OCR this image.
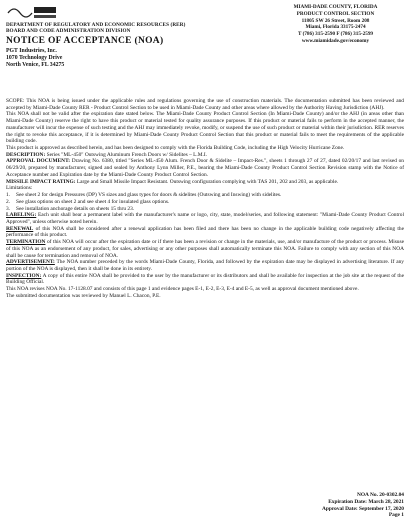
DEPARTMENT OF REGULATORY AND ECONOMIC RESOURCES (RER)
BOARD AND CODE ADMINISTRATION DIVISION
MIAMI-DADE COUNTY, FLORIDA
PRODUCT CONTROL SECTION
11805 SW 26 Street, Room 208
Miami, Florida 33175-2474
T (786) 315-2590 F (786) 315-2599
www.miamidade.gov/economy
NOTICE OF ACCEPTANCE (NOA)
PGT Industries, Inc.
1070 Technology Drive
North Venice, FL 34275

SCOPE: This NOA is being issued under the applicable rules and regulations governing the use of construction materials. The documentation submitted has been reviewed and accepted by Miami-Dade County RER - Product Control Section to be used in Miami-Dade County and other areas where allowed by the Authority Having Jurisdiction (AHJ).

This NOA shall not be valid after the expiration date stated below. The Miami-Dade County Product Control Section (In Miami-Dade County) and/or the AHJ (in areas other than Miami-Dade County) reserve the right to have this product or material tested for quality assurance purposes. If this product or material fails to perform in the accepted manner, the manufacturer will incur the expense of such testing and the AHJ may immediately revoke, modify, or suspend the use of such product or material within their jurisdiction. RER reserves the right to revoke this acceptance, if it is determined by Miami-Dade County Product Control Section that this product or material fails to meet the requirements of the applicable building code.

This product is approved as described herein, and has been designed to comply with the Florida Building Code, including the High Velocity Hurricane Zone.

DESCRIPTION: Series "ML-450" Outswing Aluminum French Doors w/ Sidelites – L.M.I.

APPROVAL DOCUMENT: Drawing No. 6380, titled "Series ML-450 Alum. French Door & Sidelite – Impact-Res.", sheets 1 through 27 of 27, dated 02/20/17 and last revised on 06/29/20, prepared by manufacturer, signed and sealed by Anthony Lynn Miller, P.E., bearing the Miami-Dade County Product Control Section Revision stamp with the Notice of Acceptance number and Expiration date by the Miami-Dade County Product Control Section.

MISSILE IMPACT RATING: Large and Small Missile Impact Resistant. Outswing configuration complying with TAS 201, 202 and 203, as applicable.

Limitations:

1.	See sheet 2 for design Pressures (DP) VS sizes and glass types for doors & sidelites (Outswing and Inswing) with sidelites.
2.	See glass options on sheet 2 and see sheet 4 for insulated glass options.
3.	See installation anchorage details on sheets 15 thru 23.

LABELING: Each unit shall bear a permanent label with the manufacturer's name or logo, city, state, model/series, and following statement: "Miami-Dade County Product Control Approved", unless otherwise noted herein.

RENEWAL of this NOA shall be considered after a renewal application has been filed and there has been no change in the applicable building code negatively affecting the performance of this product.

TERMINATION of this NOA will occur after the expiration date or if there has been a revision or change in the materials, use, and/or manufacture of the product or process. Misuse of this NOA as an endorsement of any product, for sales, advertising or any other purposes shall automatically terminate this NOA. Failure to comply with any section of this NOA shall be cause for termination and removal of NOA.

ADVERTISEMENT: The NOA number preceded by the words Miami-Dade County, Florida, and followed by the expiration date may be displayed in advertising literature. If any portion of the NOA is displayed, then it shall be done in its entirety.

INSPECTION: A copy of this entire NOA shall be provided to the user by the manufacturer or its distributors and shall be available for inspection at the job site at the request of the Building Official.

This NOA revises NOA No. 17-1128.07 and consists of this page 1 and evidence pages E-1, E-2, E-3, E-4 and E-5, as well as approval document mentioned above.

The submitted documentation was reviewed by Manuel L. Chacon, P.E.

NOA No. 20-0302.04
Expiration Date: March 28, 2021
Approval Date: September 17, 2020
Page 1
